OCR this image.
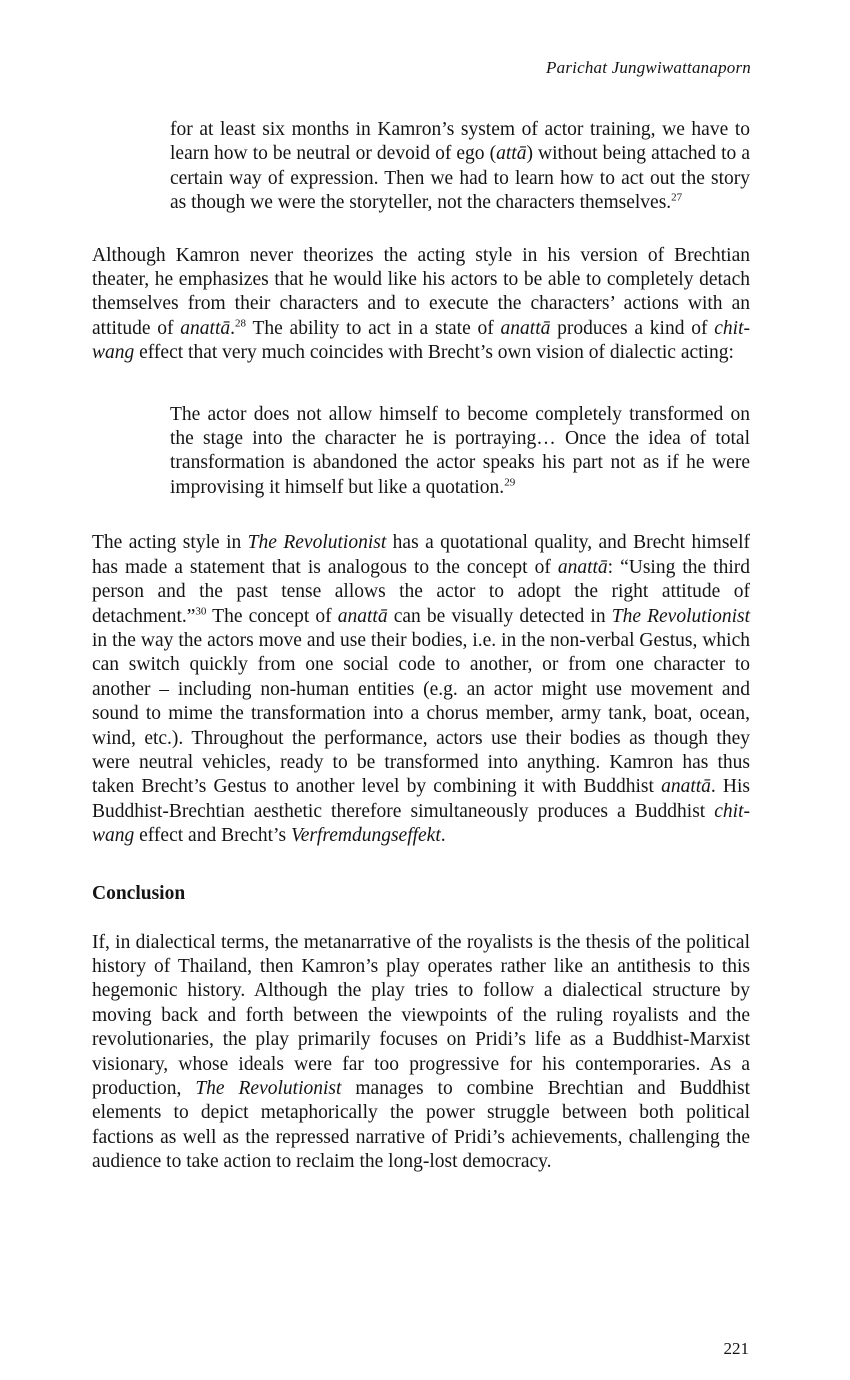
Parichat Jungwiwattanaporn

for at least six months in Kamron’s system of actor training, we have to learn how to be neutral or devoid of ego (attā) without being attached to a certain way of expression. Then we had to learn how to act out the story as though we were the storyteller, not the characters themselves.$^{27}$

Although Kamron never theorizes the acting style in his version of Brechtian theater, he emphasizes that he would like his actors to be able to completely detach themselves from their characters and to execute the characters’ actions with an attitude of anattā.$^{28}$ The ability to act in a state of anattā produces a kind of chit-wang effect that very much coincides with Brecht’s own vision of dialectic acting:

The actor does not allow himself to become completely transformed on the stage into the character he is portraying… Once the idea of total transformation is abandoned the actor speaks his part not as if he were improvising it himself but like a quotation.$^{29}$

The acting style in The Revolutionist has a quotational quality, and Brecht himself has made a statement that is analogous to the concept of anattā: “Using the third person and the past tense allows the actor to adopt the right attitude of detachment.”$^{30}$ The concept of anattā can be visually detected in The Revolutionist in the way the actors move and use their bodies, i.e. in the non-verbal Gestus, which can switch quickly from one social code to another, or from one character to another – including non-human entities (e.g. an actor might use movement and sound to mime the transformation into a chorus member, army tank, boat, ocean, wind, etc.). Throughout the performance, actors use their bodies as though they were neutral vehicles, ready to be transformed into anything. Kamron has thus taken Brecht’s Gestus to another level by combining it with Buddhist anattā. His Buddhist-Brechtian aesthetic therefore simultaneously produces a Buddhist chit-wang effect and Brecht’s Verfremdungseffekt.

Conclusion

If, in dialectical terms, the metanarrative of the royalists is the thesis of the political history of Thailand, then Kamron’s play operates rather like an antithesis to this hegemonic history. Although the play tries to follow a dialectical structure by moving back and forth between the viewpoints of the ruling royalists and the revolutionaries, the play primarily focuses on Pridi’s life as a Buddhist-Marxist visionary, whose ideals were far too progressive for his contemporaries. As a production, The Revolutionist manages to combine Brechtian and Buddhist elements to depict metaphorically the power struggle between both political factions as well as the repressed narrative of Pridi’s achievements, challenging the audience to take action to reclaim the long-lost democracy.

221
